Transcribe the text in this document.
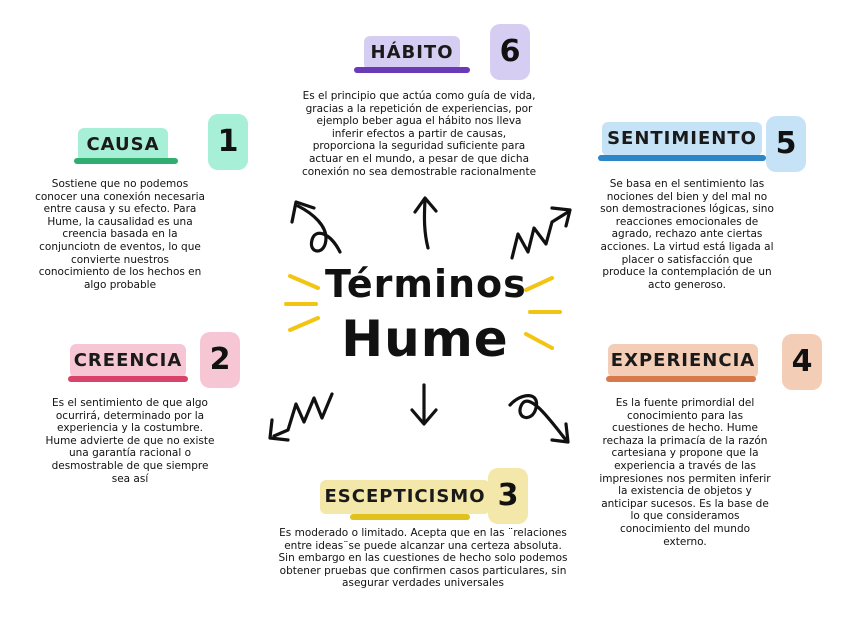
Términos
Hume
HÁBITO	6
Es el principio que actúa como guía de vida, gracias a la repetición de experiencias, por ejemplo beber agua el hábito nos lleva inferir efectos a partir de causas, proporciona la seguridad suficiente para actuar en el mundo, a pesar de que dicha conexión no sea demostrable racionalmente
CAUSA	1
Sostiene que no podemos conocer una conexión necesaria entre causa y su efecto. Para Hume, la causalidad es una creencia basada en la conjunciotn de eventos, lo que convierte nuestros conocimiento de los hechos en algo probable
SENTIMIENTO 5
Se basa en el sentimiento las nociones del bien y del mal no son demostraciones lógicas, sino reacciones emocionales de agrado, rechazo ante ciertas acciones. La virtud está ligada al placer o satisfacción que produce la contemplación de un acto generoso.
CREENCIA 2
Es el sentimiento de que algo ocurrirá, determinado por la experiencia y la costumbre. Hume advierte de que no existe una garantía racional o desmostrable de que siempre sea así
EXPERIENCIA	4
Es la fuente primordial del conocimiento para las cuestiones de hecho. Hume rechaza la primacía de la razón cartesiana y propone que la experiencia a través de las impresiones nos permiten inferir la existencia de objetos y anticipar sucesos. Es la base de lo que consideramos conocimiento del mundo externo.
ESCEPTICISMO 3
Es moderado o limitado. Acepta que en las ¨relaciones entre ideas¨se puede alcanzar una certeza absoluta. Sin embargo en las cuestiones de hecho solo podemos obtener pruebas que confirmen casos particulares, sin asegurar verdades universales
